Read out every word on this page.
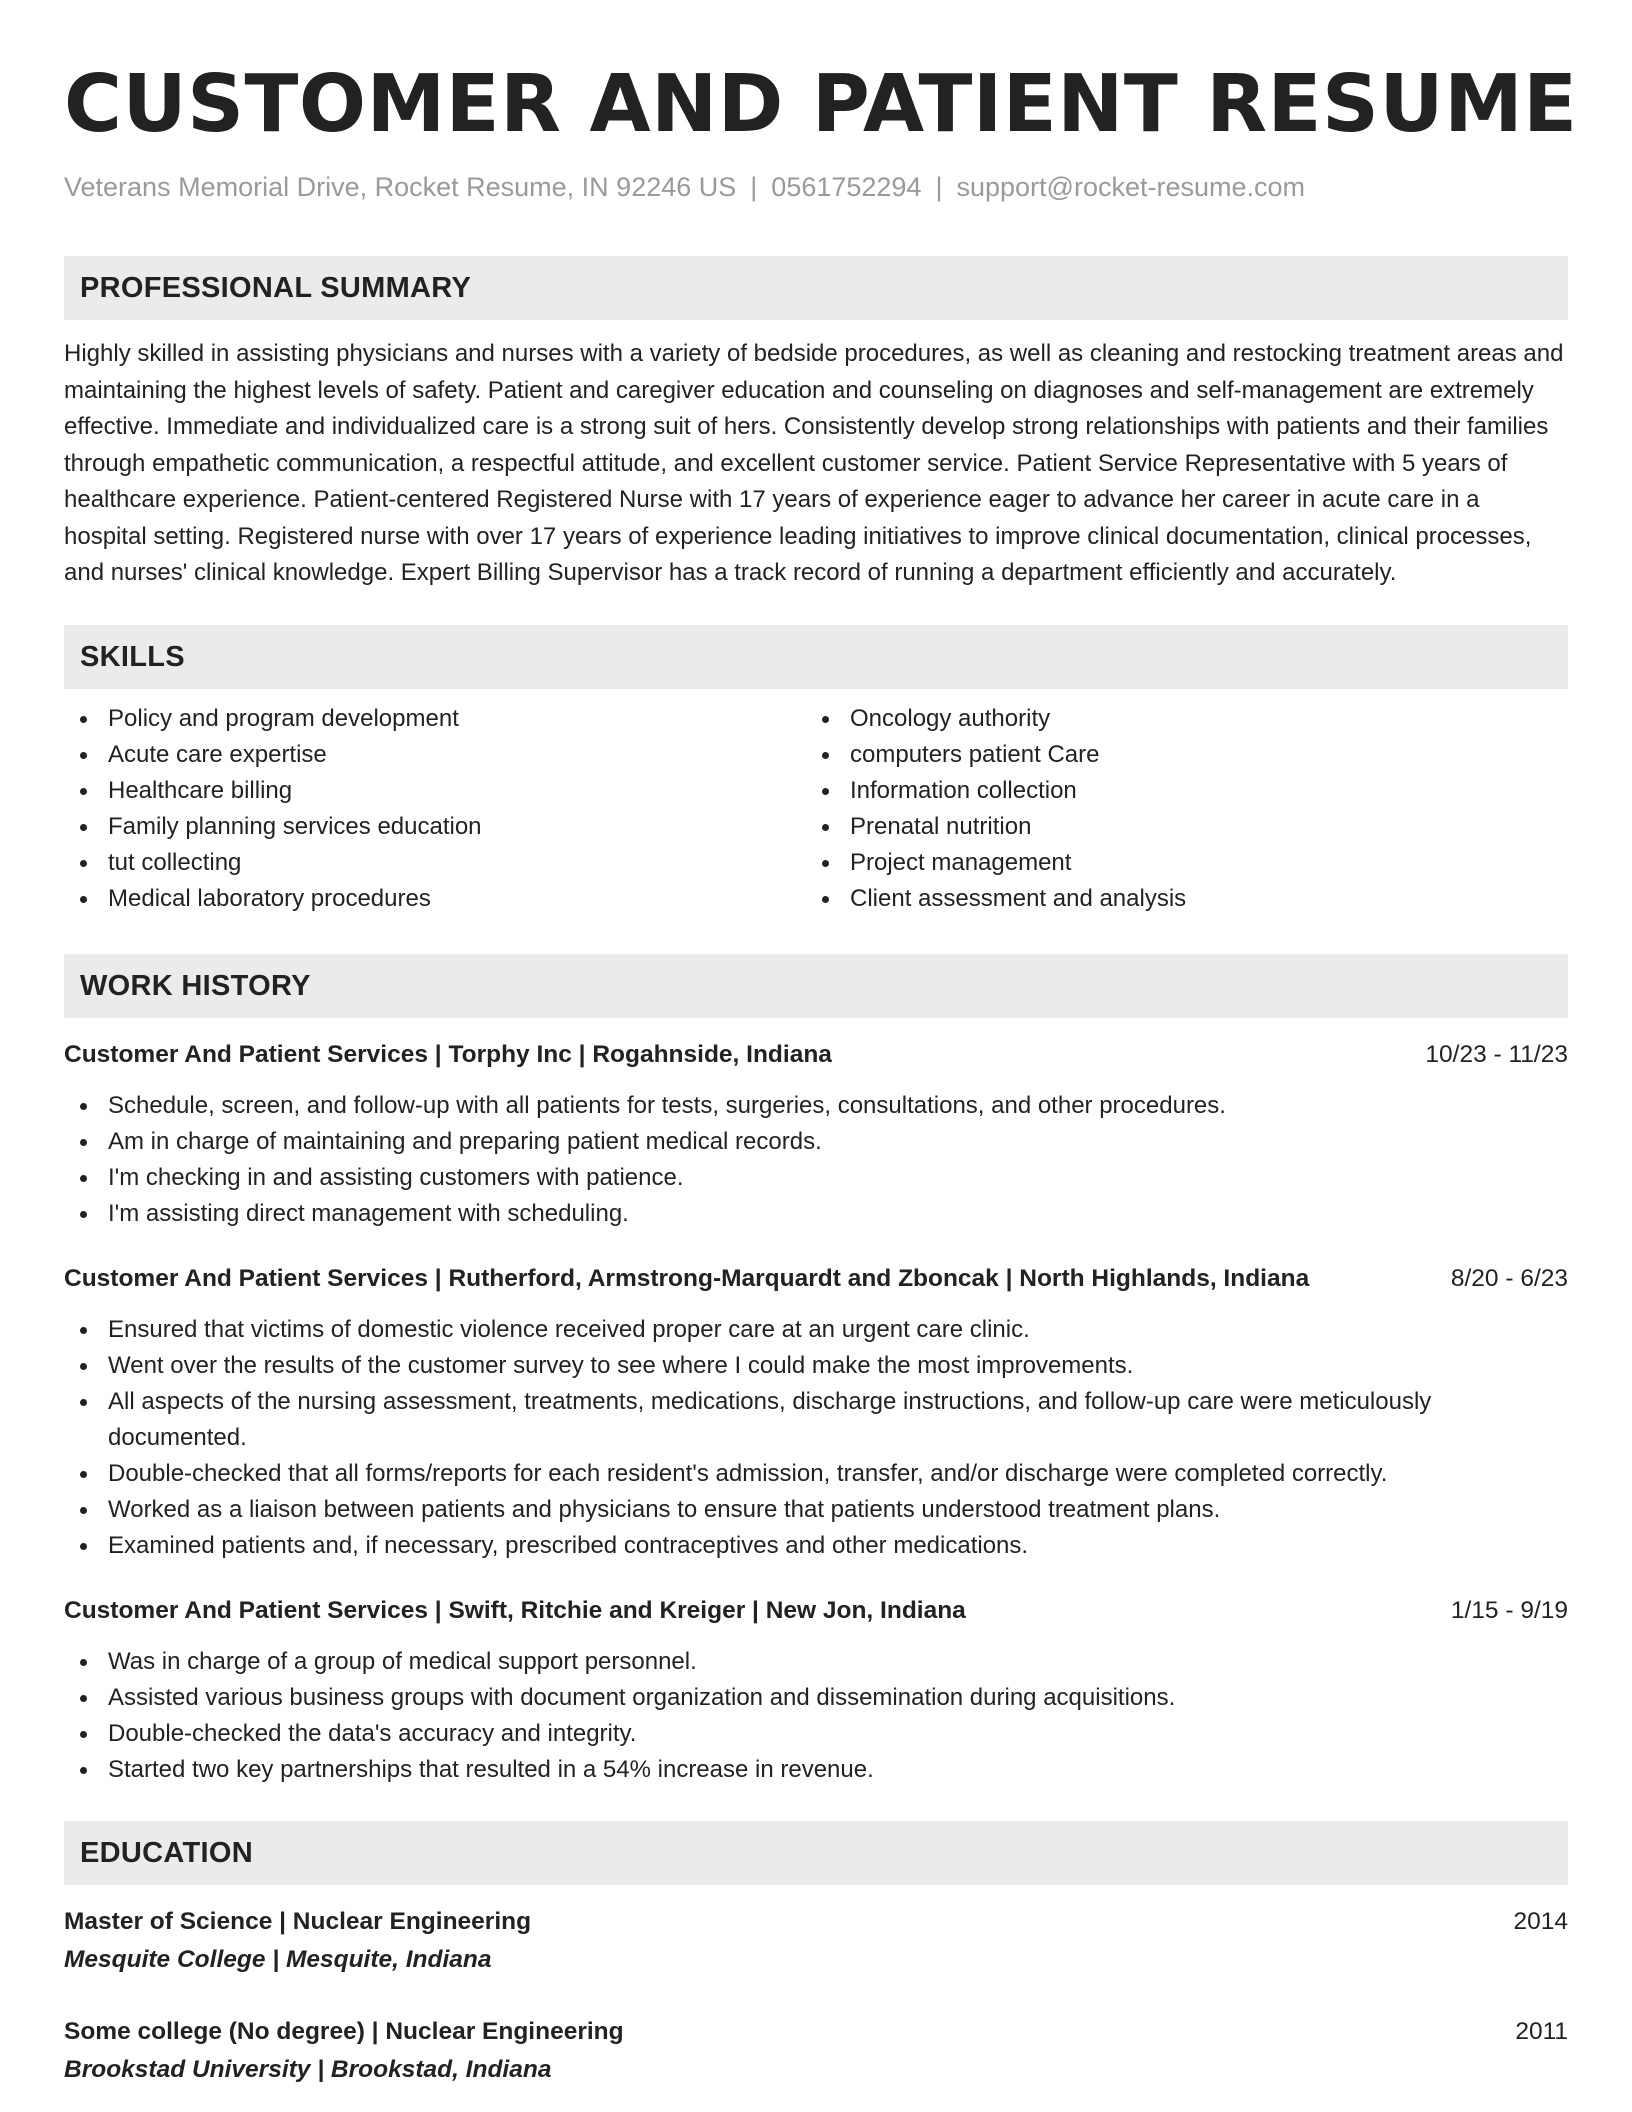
CUSTOMER AND PATIENT RESUME
Veterans Memorial Drive, Rocket Resume, IN 92246 US | 0561752294 | support@rocket-resume.com
PROFESSIONAL SUMMARY
Highly skilled in assisting physicians and nurses with a variety of bedside procedures, as well as cleaning and restocking treatment areas and maintaining the highest levels of safety. Patient and caregiver education and counseling on diagnoses and self-management are extremely effective. Immediate and individualized care is a strong suit of hers. Consistently develop strong relationships with patients and their families through empathetic communication, a respectful attitude, and excellent customer service. Patient Service Representative with 5 years of healthcare experience. Patient-centered Registered Nurse with 17 years of experience eager to advance her career in acute care in a hospital setting. Registered nurse with over 17 years of experience leading initiatives to improve clinical documentation, clinical processes, and nurses' clinical knowledge. Expert Billing Supervisor has a track record of running a department efficiently and accurately.
SKILLS
Policy and program development
Acute care expertise
Healthcare billing
Family planning services education
tut collecting
Medical laboratory procedures
Oncology authority
computers patient Care
Information collection
Prenatal nutrition
Project management
Client assessment and analysis
WORK HISTORY
Customer And Patient Services | Torphy Inc | Rogahnside, Indiana	10/23 - 11/23
Schedule, screen, and follow-up with all patients for tests, surgeries, consultations, and other procedures.
Am in charge of maintaining and preparing patient medical records.
I'm checking in and assisting customers with patience.
I'm assisting direct management with scheduling.
Customer And Patient Services | Rutherford, Armstrong-Marquardt and Zboncak | North Highlands, Indiana	8/20 - 6/23
Ensured that victims of domestic violence received proper care at an urgent care clinic.
Went over the results of the customer survey to see where I could make the most improvements.
All aspects of the nursing assessment, treatments, medications, discharge instructions, and follow-up care were meticulously documented.
Double-checked that all forms/reports for each resident's admission, transfer, and/or discharge were completed correctly.
Worked as a liaison between patients and physicians to ensure that patients understood treatment plans.
Examined patients and, if necessary, prescribed contraceptives and other medications.
Customer And Patient Services | Swift, Ritchie and Kreiger | New Jon, Indiana	1/15 - 9/19
Was in charge of a group of medical support personnel.
Assisted various business groups with document organization and dissemination during acquisitions.
Double-checked the data's accuracy and integrity.
Started two key partnerships that resulted in a 54% increase in revenue.
EDUCATION
Master of Science | Nuclear Engineering	2014
Mesquite College | Mesquite, Indiana
Some college (No degree) | Nuclear Engineering	2011
Brookstad University | Brookstad, Indiana
